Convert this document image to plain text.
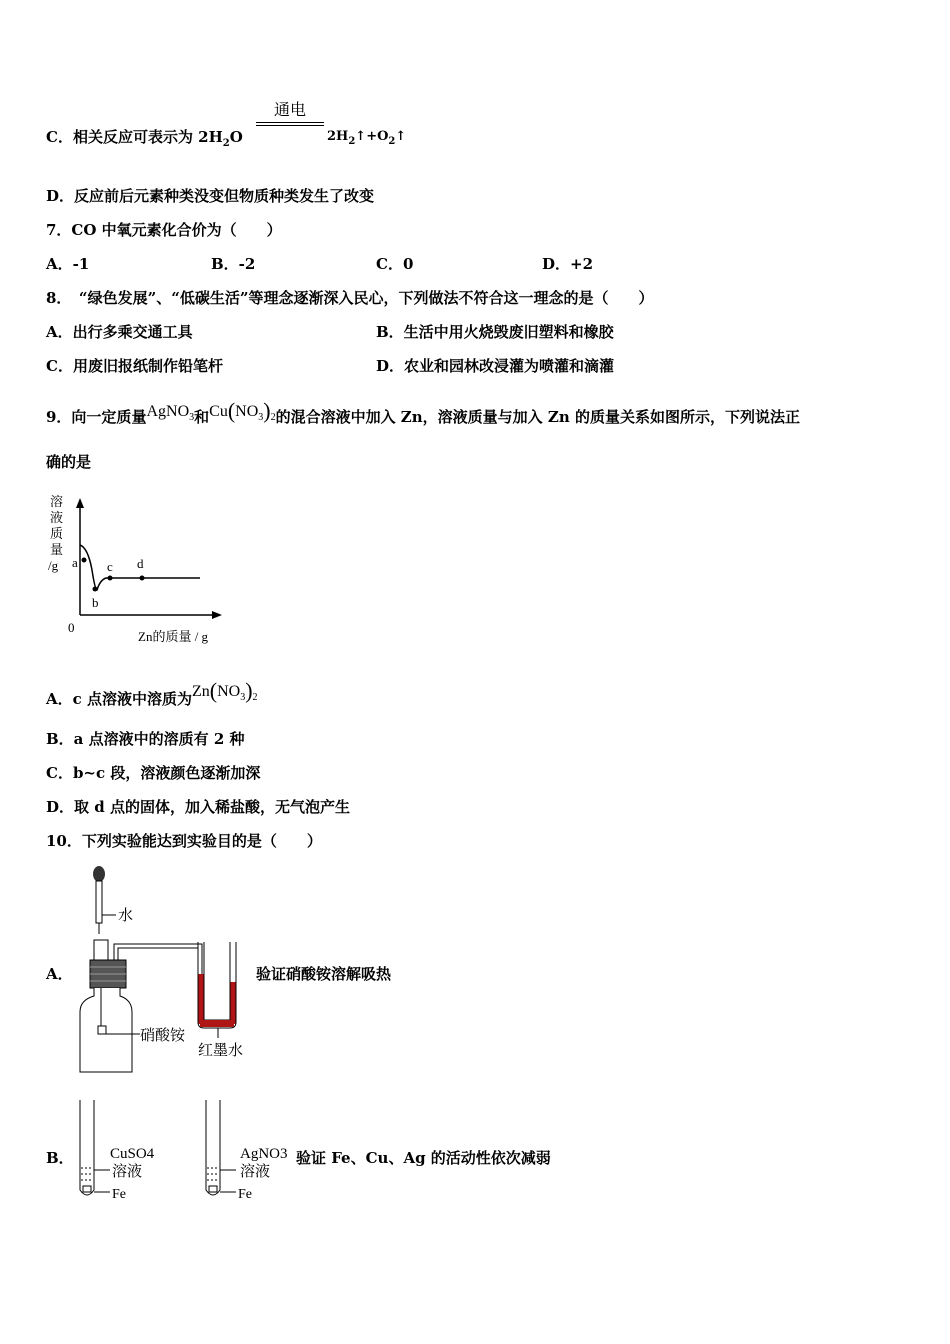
C．相关反应可表示为 $2H_2O$
通电
$2H_2↑+O_2↑$
D．反应前后元素种类没变但物质种类发生了改变
7．CO 中氧元素化合价为（　　）
A．-1	B．-2	C．0	D．+2
8．　“绿色发展”、“低碳生活”等理念逐渐深入民心，下列做法不符合这一理念的是（　　）
A．出行多乘交通工具	B．生活中用火烧毁废旧塑料和橡胶
C．用废旧报纸制作铅笔杆	D．农业和园林改浸灌为喷灌和滴灌
9．向一定质量AgNO$_3$和$Cu(NO_3)_2$的混合溶液中加入 Zn，溶液质量与加入 Zn 的质量关系如图所示，下列说法正
确的是
溶
液
质
量
/g
0
a
b
c d
Zn的质量 / g
A．c 点溶液中溶质为$Zn(NO_3)_2$
B．a 点溶液中的溶质有 2 种
C．b~c 段，溶液颜色逐渐加深
D．取 d 点的固体，加入稀盐酸，无气泡产生
10．下列实验能达到实验目的是（　　）
A．
水
硝酸铵
红墨水
验证硝酸铵溶解吸热
B． CuSO4
溶液
Fe
AgNO3
溶液
Fe
验证 Fe、Cu、Ag 的活动性依次减弱
